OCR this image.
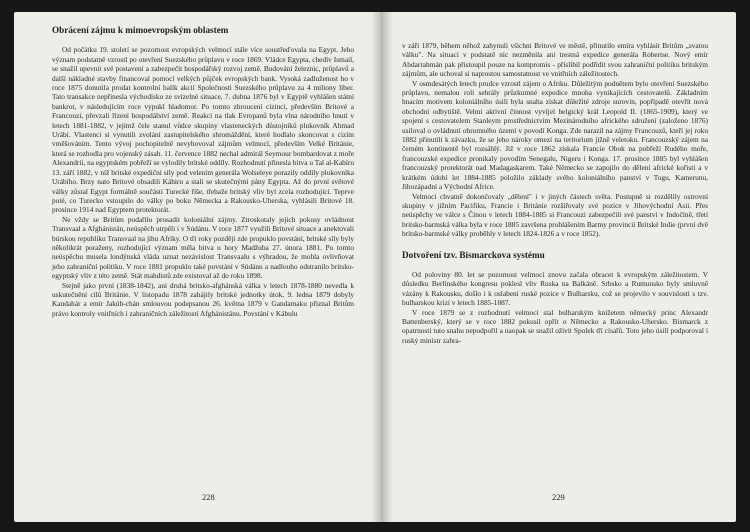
Obrácení zájmu k mimoevropským oblastem

Od počátku 19. století se pozornost evropských velmocí stále více soustřeďovala na Egypt. Jeho význam podstatně vzrostl po otevření Suezského průplavu v roce 1869. Vládce Egypta, chedív Ismail, se snažil upevnit své postavení a zabezpečit hospodářský rozvoj země. Budování železnic, průplavů a další nákladné stavby financoval pomocí velkých půjček evropských bank. Vysoká zadluženost ho v roce 1875 donutila prodat kontrolní balík akcií Společnosti Suezského průplavu za 4 miliony liber. Tato transakce nepřinesla východisko ze svízelné situace, 7. dubna 1876 byl v Egyptě vyhlášen státní bankrot, v následujícím roce vypukl hladomor. Po tomto zhroucení cizinci, především Britové a Francouzi, převzali řízení hospodářství země. Reakcí na tlak Evropanů byla vlna národního hnutí v letech 1881-1882, v jejímž čele stanul vůdce skupiny vlasteneckých důstojníků plukovník Ahmad Urábí. Vlastenci si vynutili zvolání zastupitelského shromáždění, které hodlalo skoncovat s cizím vměšováním. Tento vývoj pochopitelně nevyhovoval zájmům velmocí, především Velké Británie, která se rozhodla pro vojenský zásah. 11. července 1882 nechal admirál Seymour bombardovat z moře Alexandrii, na egyptském pobřeží se vylodily britské oddíly. Rozhodnutí přinesla bitva u Tal al-Kabíru 13. září 1882, v níž britské expediční síly pod velením generála Wolseleye porazily oddíly plukovníka Urábího. Brzy nato Britové obsadili Káhiru a stali se skutečnými pány Egypta. Až do první světové války zůstal Egypt formálně součástí Turecké říše, třebaže britský vliv byl zcela rozhodující. Teprve poté, co Turecko vstoupilo do války po boku Německa a Rakousko-Uherska, vyhlásili Britové 18. prosince 1914 nad Egyptem protektorát.

Ne vždy se Britům podařilo prosadit koloniální zájmy. Ztroskotaly jejich pokusy ovládnout Transvaal a Afghánistán, neúspěch utrpěli i v Súdánu. V roce 1877 využili Britové situace a anektovali búrskou republiku Transvaal na jihu Afriky. O tři roky později zde propuklo povstání, britské síly byly několikrát poraženy, rozhodující význam měla bitva u hory Madžuba 27. února 1881. Po tomto neúspěchu musela londýnská vláda uznat nezávislost Transvaalu s výhradou, že mohla ovlivňovat jeho zahraniční politiku. V roce 1881 propuklo také povstání v Súdánu a nadlouho odstranilo britsko-egyptský vliv z této země. Stát mahdistů zde existoval až do roku 1898.

Stejně jako první (1838-1842), ani druhá britsko-afghánská válka v letech 1878-1880 nevedla k uskutečnění cílů Británie. V listopadu 1878 zahájily britské jednotky útok, 9. ledna 1879 dobyly Kandahár a emír Jakúb-chán smlouvou podepsanou 26. května 1879 v Gandamaku přiznal Britům právo kontroly vnitřních i zahraničních záležitostí Afghánistánu. Povstání v Kábulu

228

v září 1879, během něhož zahynuli všichni Britové ve městě, přinutilo emíra vyhlásit Britům „svatou válku". Na situaci v podstatě nic nezměnila ani trestná expedice generála Robertse. Nový emír Abdarrahmán pak přistoupil pouze na kompromis - přislíbil podřídit svou zahraniční politiku britským zájmům, ale uchoval si naprostou samostatnost ve vnitřních záležitostech.

V osmdesátých letech prudce vzrostl zájem o Afriku. Důležitým podnětem bylo otevření Suezského průplavu, nemalou roli sehrály průzkumné expedice mnoha vynikajících cestovatelů. Základním hnacím motivem koloniálního úsilí byla snaha získat důležité zdroje surovin, popřípadě otevřít nová obchodní odbytiště. Velmi aktivní činnost vyvíjel belgický král Leopold II. (1865-1909), který ve spojení s cestovatelem Stanleym prostřednictvím Mezinárodního afrického sdružení (založeno 1876) usiloval o ovládnutí ohromného území v povodí Konga. Zde narazil na zájmy Francouzů, kteří jej roku 1882 přinutili k závazku, že se jeho nároky omezí na teritorium jižně veletoku. Francouzský zájem na černém kontinentě byl rozsáhlý. Již v roce 1862 získala Francie Obok na pobřeží Rudého moře, francouzské expedice pronikaly povodím Senegalu, Nigeru i Konga. 17. prosince 1885 byl vyhlášen francouzský protektorát nad Madagaskarem. Také Německo se zapojilo do dělení africké kořisti a v krátkém údobí let 1884-1885 položilo základy svého koloniálního panství v Togu, Kamerunu, Jihozápadní a Východní Africe.

Velmoci chvatně dokončovaly „dělení" i v jiných částech světa. Postupně si rozdělily ostrovní skupiny v jižním Pacifiku, Francie i Británie rozšiřovaly své pozice v Jihovýchodní Asii. Přes neúspěchy ve válce s Čínou v letech 1884-1885 si Francouzi zabezpečili své panství v Indočíně, třetí britsko-barmská válka byla v roce 1885 završena prohlášením Barmy provincií Britské Indie (první dvě britsko-barmské války proběhly v letech 1824-1826 a v roce 1852).

Dotvoření tzv. Bismarckova systému

Od poloviny 80. let se pozornost velmocí znovu začala obracet k evropským záležitostem. V důsledku Berlínského kongresu poklesl vliv Ruska na Balkáně. Srbsko a Rumunsko byly smluvně vázány k Rakousku, došlo i k oslabení ruské pozice v Bulharsku, což se projevilo v souvislosti s tzv. bulharskou krizí v letech 1885-1887.

V roce 1879 se z rozhodnutí velmocí stal bulharským knížetem německý princ Alexandr Battenberský, který se v roce 1882 pokusil opřít o Německo a Rakousko-Uhersko. Bismarck z opatrnosti tuto snahu nepodpořil a naopak se snažil oživit Spolek tří císařů. Toto jeho úsilí podporoval i ruský ministr zahra-

229
